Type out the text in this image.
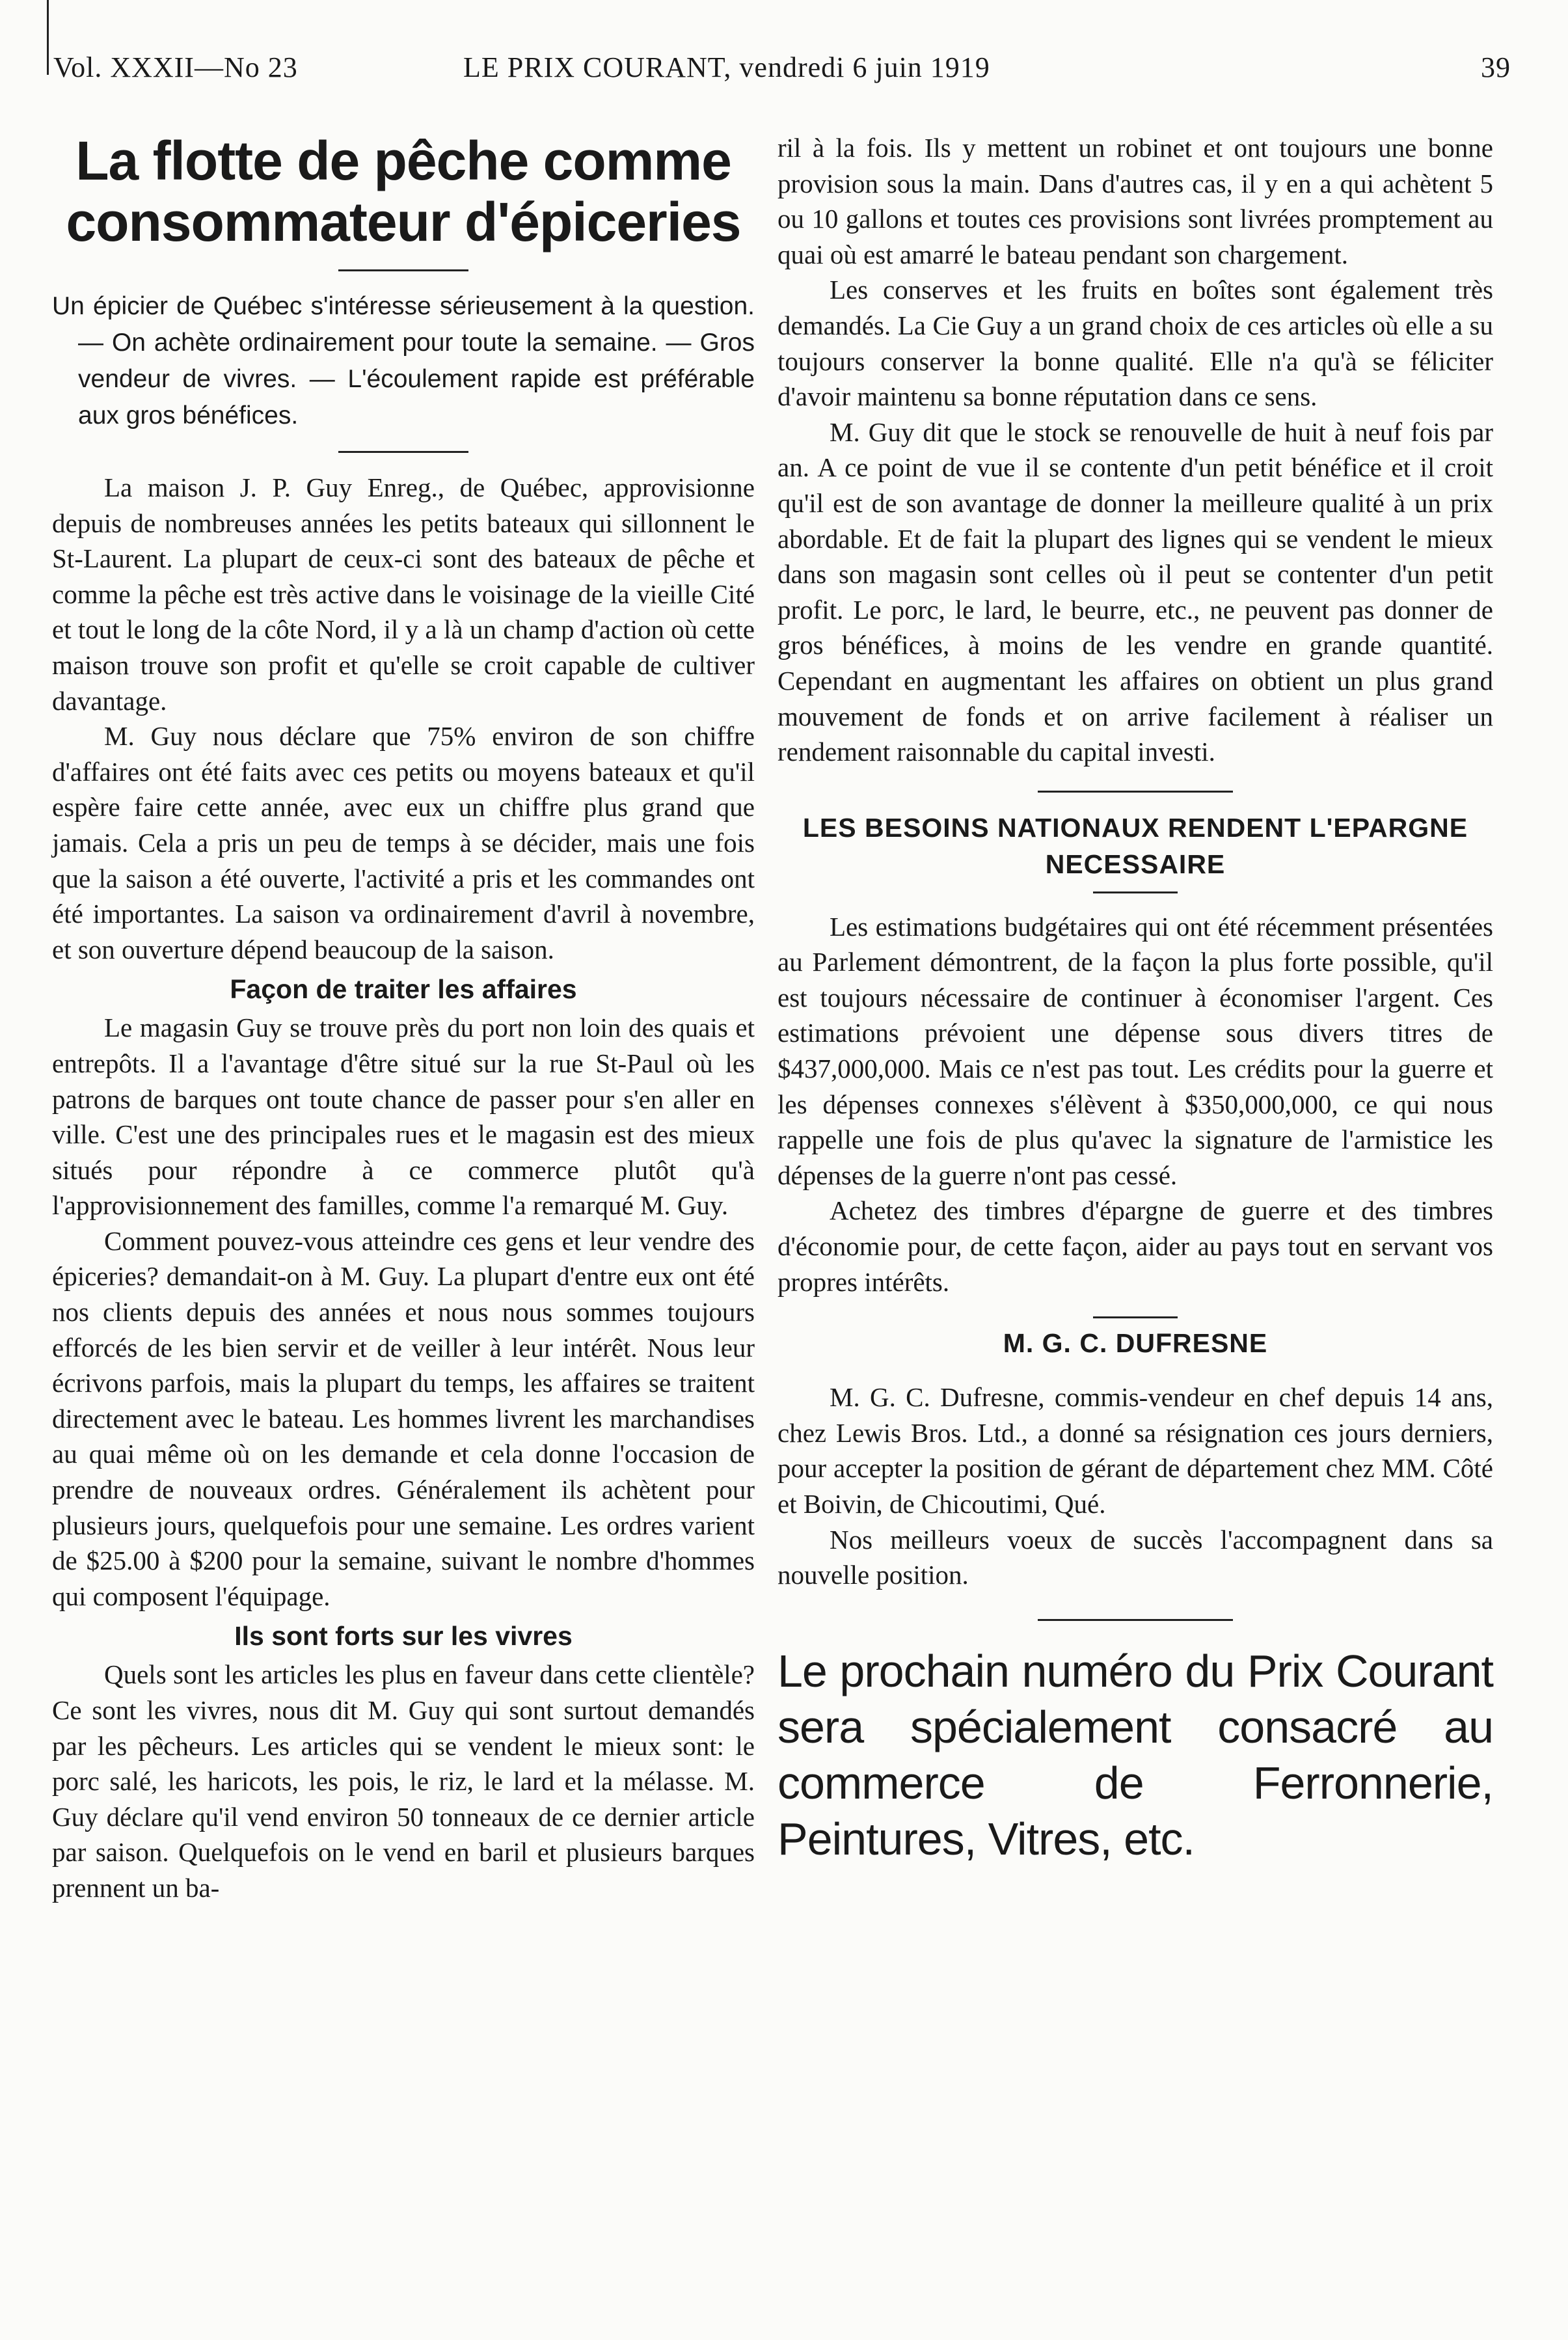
Vol. XXXII—No 23	LE PRIX COURANT, vendredi 6 juin 1919	39
La flotte de pêche comme consommateur d'épiceries

Un épicier de Québec s'intéresse sérieusement à la question. — On achète ordinairement pour toute la semaine. — Gros vendeur de vivres. — L'écoulement rapide est préférable aux gros bénéfices.

La maison J. P. Guy Enreg., de Québec, approvisionne depuis de nombreuses années les petits bateaux qui sillonnent le St-Laurent. La plupart de ceux-ci sont des bateaux de pêche et comme la pêche est très active dans le voisinage de la vieille Cité et tout le long de la côte Nord, il y a là un champ d'action où cette maison trouve son profit et qu'elle se croit capable de cultiver davantage.

M. Guy nous déclare que 75% environ de son chiffre d'affaires ont été faits avec ces petits ou moyens bateaux et qu'il espère faire cette année, avec eux un chiffre plus grand que jamais. Cela a pris un peu de temps à se décider, mais une fois que la saison a été ouverte, l'activité a pris et les commandes ont été importantes. La saison va ordinairement d'avril à novembre, et son ouverture dépend beaucoup de la saison.

Façon de traiter les affaires

Le magasin Guy se trouve près du port non loin des quais et entrepôts. Il a l'avantage d'être situé sur la rue St-Paul où les patrons de barques ont toute chance de passer pour s'en aller en ville. C'est une des principales rues et le magasin est des mieux situés pour répondre à ce commerce plutôt qu'à l'approvisionnement des familles, comme l'a remarqué M. Guy.

Comment pouvez-vous atteindre ces gens et leur vendre des épiceries? demandait-on à M. Guy. La plupart d'entre eux ont été nos clients depuis des années et nous nous sommes toujours efforcés de les bien servir et de veiller à leur intérêt. Nous leur écrivons parfois, mais la plupart du temps, les affaires se traitent directement avec le bateau. Les hommes livrent les marchandises au quai même où on les demande et cela donne l'occasion de prendre de nouveaux ordres. Généralement ils achètent pour plusieurs jours, quelquefois pour une semaine. Les ordres varient de $25.00 à $200 pour la semaine, suivant le nombre d'hommes qui composent l'équipage.

Ils sont forts sur les vivres

Quels sont les articles les plus en faveur dans cette clientèle? Ce sont les vivres, nous dit M. Guy qui sont surtout demandés par les pêcheurs. Les articles qui se vendent le mieux sont: le porc salé, les haricots, les pois, le riz, le lard et la mélasse. M. Guy déclare qu'il vend environ 50 tonneaux de ce dernier article par saison. Quelquefois on le vend en baril et plusieurs barques prennent un ba-

ril à la fois. Ils y mettent un robinet et ont toujours une bonne provision sous la main. Dans d'autres cas, il y en a qui achètent 5 ou 10 gallons et toutes ces provisions sont livrées promptement au quai où est amarré le bateau pendant son chargement.

Les conserves et les fruits en boîtes sont également très demandés. La Cie Guy a un grand choix de ces articles où elle a su toujours conserver la bonne qualité. Elle n'a qu'à se féliciter d'avoir maintenu sa bonne réputation dans ce sens.

M. Guy dit que le stock se renouvelle de huit à neuf fois par an. A ce point de vue il se contente d'un petit bénéfice et il croit qu'il est de son avantage de donner la meilleure qualité à un prix abordable. Et de fait la plupart des lignes qui se vendent le mieux dans son magasin sont celles où il peut se contenter d'un petit profit. Le porc, le lard, le beurre, etc., ne peuvent pas donner de gros bénéfices, à moins de les vendre en grande quantité. Cependant en augmentant les affaires on obtient un plus grand mouvement de fonds et on arrive facilement à réaliser un rendement raisonnable du capital investi.

LES BESOINS NATIONAUX RENDENT L'EPARGNE NECESSAIRE

Les estimations budgétaires qui ont été récemment présentées au Parlement démontrent, de la façon la plus forte possible, qu'il est toujours nécessaire de continuer à économiser l'argent. Ces estimations prévoient une dépense sous divers titres de $437,000,000. Mais ce n'est pas tout. Les crédits pour la guerre et les dépenses connexes s'élèvent à $350,000,000, ce qui nous rappelle une fois de plus qu'avec la signature de l'armistice les dépenses de la guerre n'ont pas cessé.

Achetez des timbres d'épargne de guerre et des timbres d'économie pour, de cette façon, aider au pays tout en servant vos propres intérêts.

M. G. C. DUFRESNE

M. G. C. Dufresne, commis-vendeur en chef depuis 14 ans, chez Lewis Bros. Ltd., a donné sa résignation ces jours derniers, pour accepter la position de gérant de département chez MM. Côté et Boivin, de Chicoutimi, Qué.

Nos meilleurs voeux de succès l'accompagnent dans sa nouvelle position.

Le prochain numéro du Prix Courant sera spécialement consacré au commerce de Ferronnerie, Peintures, Vitres, etc.
